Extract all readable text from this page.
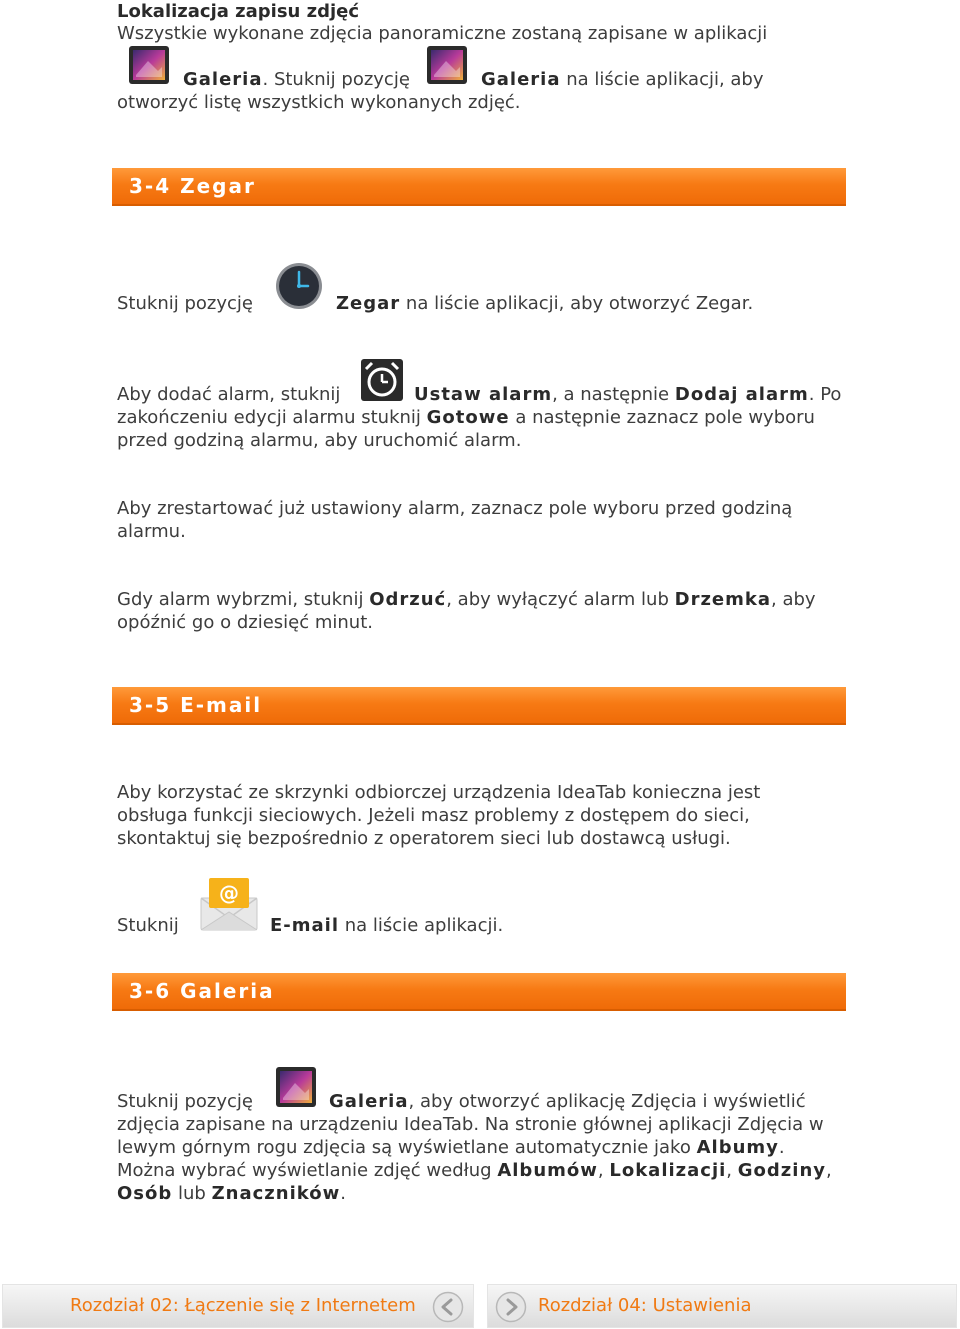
Lokalizacja zapisu zdjęć
Wszystkie wykonane zdjęcia panoramiczne zostaną zapisane w aplikacji
Galeria. Stuknij pozycję	Galeria na liście aplikacji, aby
otworzyć listę wszystkich wykonanych zdjęć.
3-4 Zegar
Stuknij pozycję	Zegar na liście aplikacji, aby otworzyć Zegar.
Aby dodać alarm, stuknij	Ustaw alarm, a następnie Dodaj alarm. Po
zakończeniu edycji alarmu stuknij Gotowe a następnie zaznacz pole wyboru
przed godziną alarmu, aby uruchomić alarm.
Aby zrestartować już ustawiony alarm, zaznacz pole wyboru przed godziną
alarmu.
Gdy alarm wybrzmi, stuknij Odrzuć, aby wyłączyć alarm lub Drzemka, aby
opóźnić go o dziesięć minut.
3-5 E-mail
Aby korzystać ze skrzynki odbiorczej urządzenia IdeaTab konieczna jest
obsługa funkcji sieciowych. Jeżeli masz problemy z dostępem do sieci,
skontaktuj się bezpośrednio z operatorem sieci lub dostawcą usługi.
Stuknij
@
E-mail na liście aplikacji.
3-6 Galeria
Stuknij pozycję	Galeria, aby otworzyć aplikację Zdjęcia i wyświetlić
zdjęcia zapisane na urządzeniu IdeaTab. Na stronie głównej aplikacji Zdjęcia w
lewym górnym rogu zdjęcia są wyświetlane automatycznie jako Albumy.
Można wybrać wyświetlanie zdjęć według Albumów, Lokalizacji, Godziny,
Osób lub Znaczników.
Rozdział 02: Łączenie się z Internetem	Rozdział 04: Ustawienia
